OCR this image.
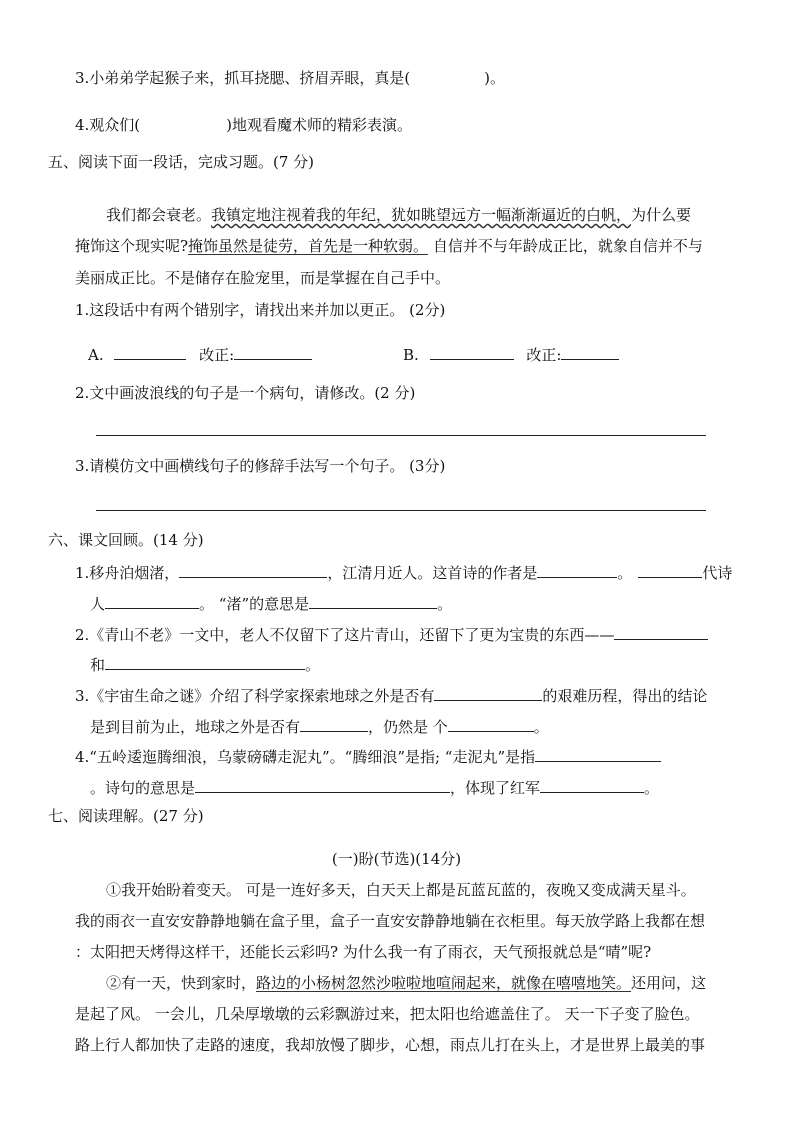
3.小弟弟学起猴子来，抓耳挠腮、挤眉弄眼，真是(	)。
4.观众们(	)地观看魔术师的精彩表演。
五、阅读下面一段话，完成习题。(7 分)
我们都会衰老。我镇定地注视着我的年纪，犹如眺望远方一幅渐渐逼近的白帆，为什么要
掩饰这个现实呢?掩饰虽然是徒劳，首先是一种软弱。 自信并不与年龄成正比，就象自信并不与
美丽成正比。不是储存在脸宠里，而是掌握在自己手中。
1.这段话中有两个错别字，请找出来并加以更正。 (2分)
A.	改正:	B.	改正:
2.文中画波浪线的句子是一个病句，请修改。(2 分)
3.请模仿文中画横线句子的修辞手法写一个句子。 (3分)
六、课文回顾。(14 分)
1.移舟泊烟渚，	，江清月近人。这首诗的作者是	。	代诗
人	。 “渚”的意思是	。
2.《青山不老》一文中，老人不仅留下了这片青山，还留下了更为宝贵的东西——
和	。
3.《宇宙生命之谜》介绍了科学家探索地球之外是否有	的艰难历程，得出的结论
是到目前为止，地球之外是否有	，仍然是 个	。
4.“五岭逶迤腾细浪，乌蒙磅礴走泥丸”。“腾细浪”是指; “走泥丸”是指
。诗句的意思是	，体现了红军	。
七、阅读理解。(27 分)
(一)盼(节选)(14分)
①我开始盼着变天。 可是一连好多天，白天天上都是瓦蓝瓦蓝的，夜晚又变成满天星斗。
我的雨衣一直安安静静地躺在盒子里，盒子一直安安静静地躺在衣柜里。每天放学路上我都在想
：太阳把天烤得这样干，还能长云彩吗? 为什么我一有了雨衣，天气预报就总是“晴”呢?
②有一天，快到家时，路边的小杨树忽然沙啦啦地喧闹起来，就像在嘻嘻地笑。还用问，这
是起了风。 一会儿，几朵厚墩墩的云彩飘游过来，把太阳也给遮盖住了。 天一下子变了脸色。
路上行人都加快了走路的速度，我却放慢了脚步，心想，雨点儿打在头上，才是世界上最美的事
